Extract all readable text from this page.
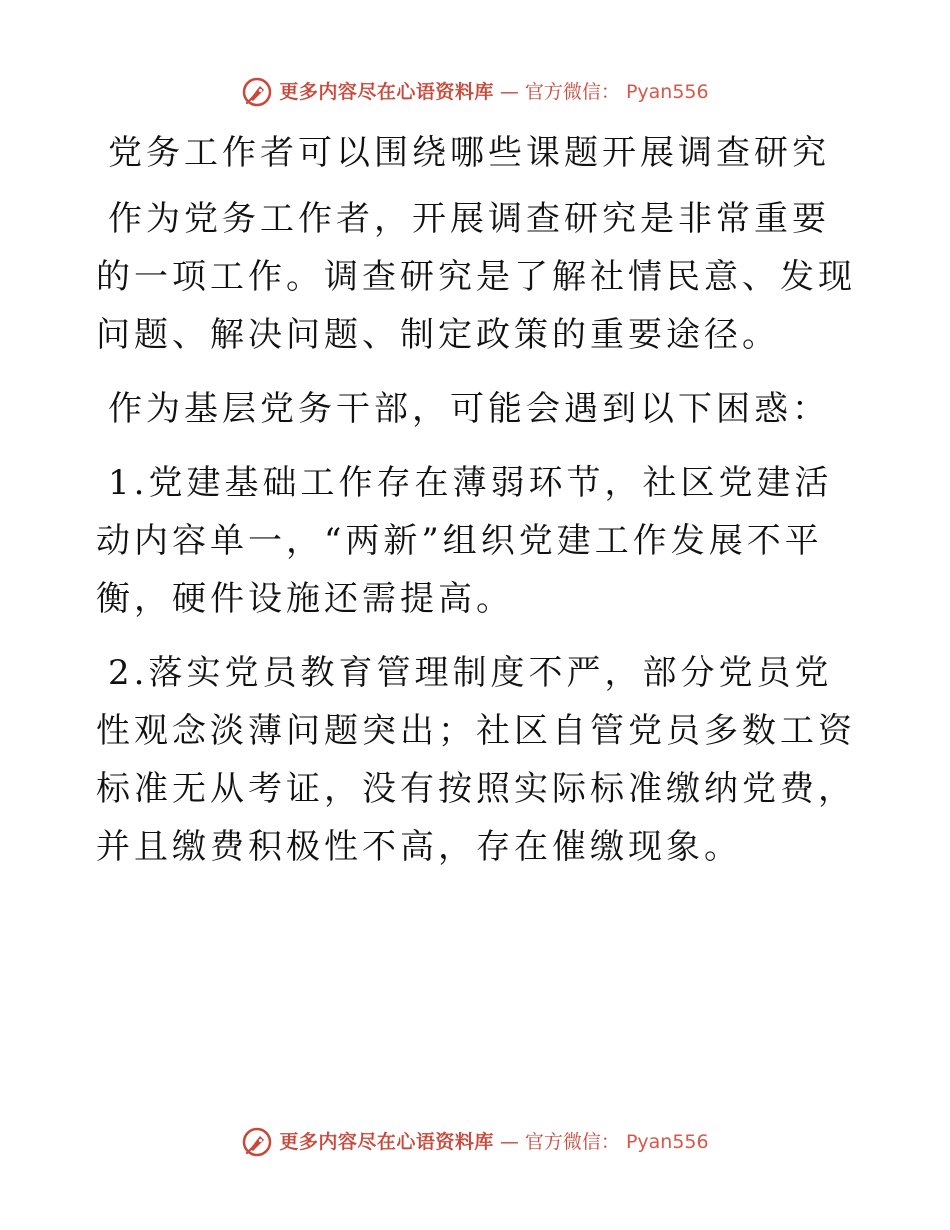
更多内容尽在心语资料库 — 官方微信： Pyan556

党务工作者可以围绕哪些课题开展调查研究

作为党务工作者，开展调查研究是非常重要的一项工作。调查研究是了解社情民意、发现问题、解决问题、制定政策的重要途径。

作为基层党务干部，可能会遇到以下困惑：

1.党建基础工作存在薄弱环节，社区党建活动内容单一，“两新”组织党建工作发展不平衡，硬件设施还需提高。

2.落实党员教育管理制度不严，部分党员党性观念淡薄问题突出；社区自管党员多数工资标准无从考证，没有按照实际标准缴纳党费，并且缴费积极性不高，存在催缴现象。

更多内容尽在心语资料库 — 官方微信： Pyan556
